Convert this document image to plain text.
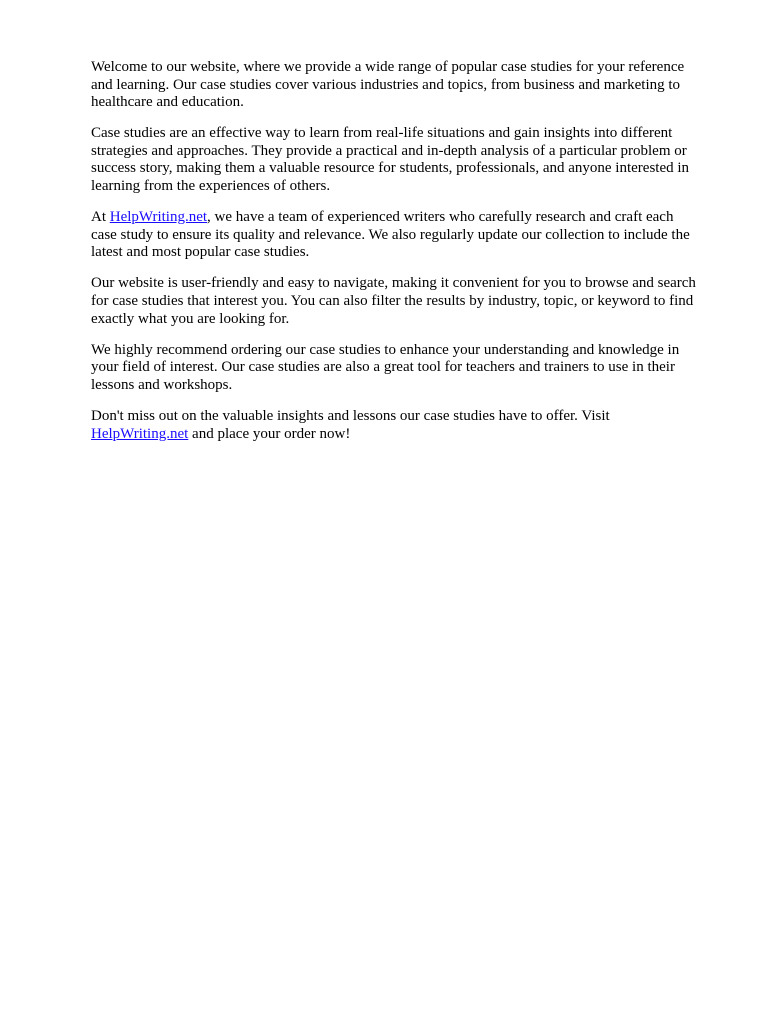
Welcome to our website, where we provide a wide range of popular case studies for your reference
and learning. Our case studies cover various industries and topics, from business and marketing to
healthcare and education.

Case studies are an effective way to learn from real-life situations and gain insights into different
strategies and approaches. They provide a practical and in-depth analysis of a particular problem or
success story, making them a valuable resource for students, professionals, and anyone interested in
learning from the experiences of others.

At HelpWriting.net, we have a team of experienced writers who carefully research and craft each
case study to ensure its quality and relevance. We also regularly update our collection to include the
latest and most popular case studies.

Our website is user-friendly and easy to navigate, making it convenient for you to browse and search
for case studies that interest you. You can also filter the results by industry, topic, or keyword to find
exactly what you are looking for.

We highly recommend ordering our case studies to enhance your understanding and knowledge in
your field of interest. Our case studies are also a great tool for teachers and trainers to use in their
lessons and workshops.

Don't miss out on the valuable insights and lessons our case studies have to offer. Visit
HelpWriting.net and place your order now!
